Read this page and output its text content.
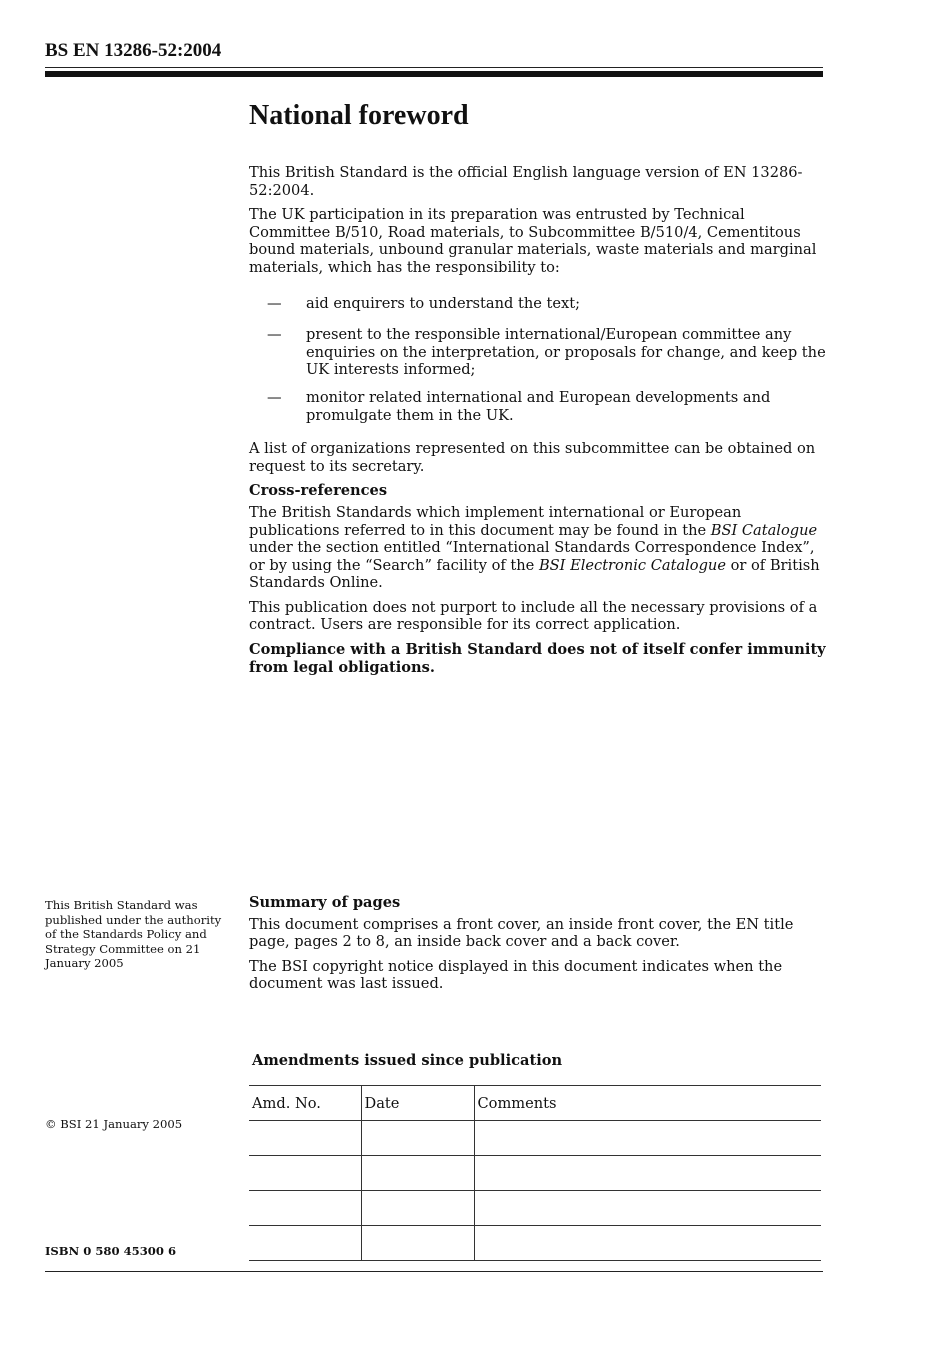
BS EN 13286-52:2004
National foreword

This British Standard is the official English language version of EN 13286-52:2004.

The UK participation in its preparation was entrusted by Technical Committee B/510, Road materials, to Subcommittee B/510/4, Cementitous bound materials, unbound granular materials, waste materials and marginal materials, which has the responsibility to:

—	aid enquirers to understand the text;
—	present to the responsible international/European committee any enquiries on the interpretation, or proposals for change, and keep the UK interests informed;
—	monitor related international and European developments and promulgate them in the UK.

A list of organizations represented on this subcommittee can be obtained on request to its secretary.

Cross-references

The British Standards which implement international or European publications referred to in this document may be found in the BSI Catalogue under the section entitled “International Standards Correspondence Index”, or by using the “Search” facility of the BSI Electronic Catalogue or of British Standards Online.

This publication does not purport to include all the necessary provisions of a contract. Users are responsible for its correct application.

Compliance with a British Standard does not of itself confer immunity from legal obligations.

This British Standard was published under the authority of the Standards Policy and Strategy Committee on 21 January 2005

Summary of pages

This document comprises a front cover, an inside front cover, the EN title page, pages 2 to 8, an inside back cover and a back cover.

The BSI copyright notice displayed in this document indicates when the document was last issued.

Amendments issued since publication
Amd. No.	Date	Comments

© BSI 21 January 2005

ISBN 0 580 45300 6
